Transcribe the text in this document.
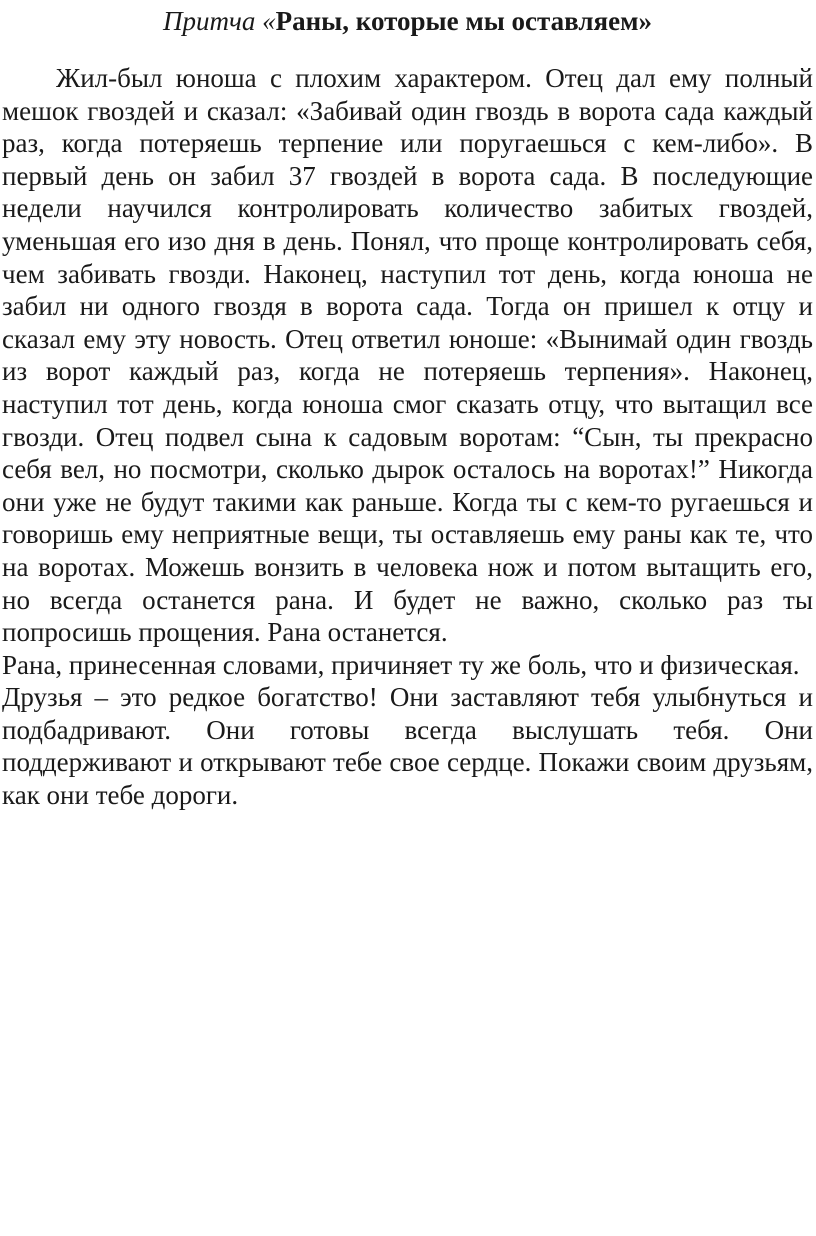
Притча «Раны, которые мы оставляем»

Жил-был юноша с плохим характером. Отец дал ему полный мешок гвоздей и сказал: «Забивай один гвоздь в ворота сада каждый раз, когда потеряешь терпение или поругаешься с кем-либо». В первый день он забил 37 гвоздей в ворота сада. В последующие недели научился контролировать количество забитых гвоздей, уменьшая его изо дня в день. Понял, что проще контролировать себя, чем забивать гвозди. Наконец, наступил тот день, когда юноша не забил ни одного гвоздя в ворота сада. Тогда он пришел к отцу и сказал ему эту новость. Отец ответил юноше: «Вынимай один гвоздь из ворот каждый раз, когда не потеряешь терпения». Наконец, наступил тот день, когда юноша смог сказать отцу, что вытащил все гвозди. Отец подвел сына к садовым воротам: “Сын, ты прекрасно себя вел, но посмотри, сколько дырок осталось на воротах!” Никогда они уже не будут такими как раньше. Когда ты с кем-то ругаешься и говоришь ему неприятные вещи, ты оставляешь ему раны как те, что на воротах. Можешь вонзить в человека нож и потом вытащить его, но всегда останется рана. И будет не важно, сколько раз ты попросишь прощения. Рана останется.

Рана, принесенная словами, причиняет ту же боль, что и физическая.

Друзья – это редкое богатство! Они заставляют тебя улыбнуться и подбадривают. Они готовы всегда выслушать тебя. Они поддерживают и открывают тебе свое сердце. Покажи своим друзьям, как они тебе дороги.
